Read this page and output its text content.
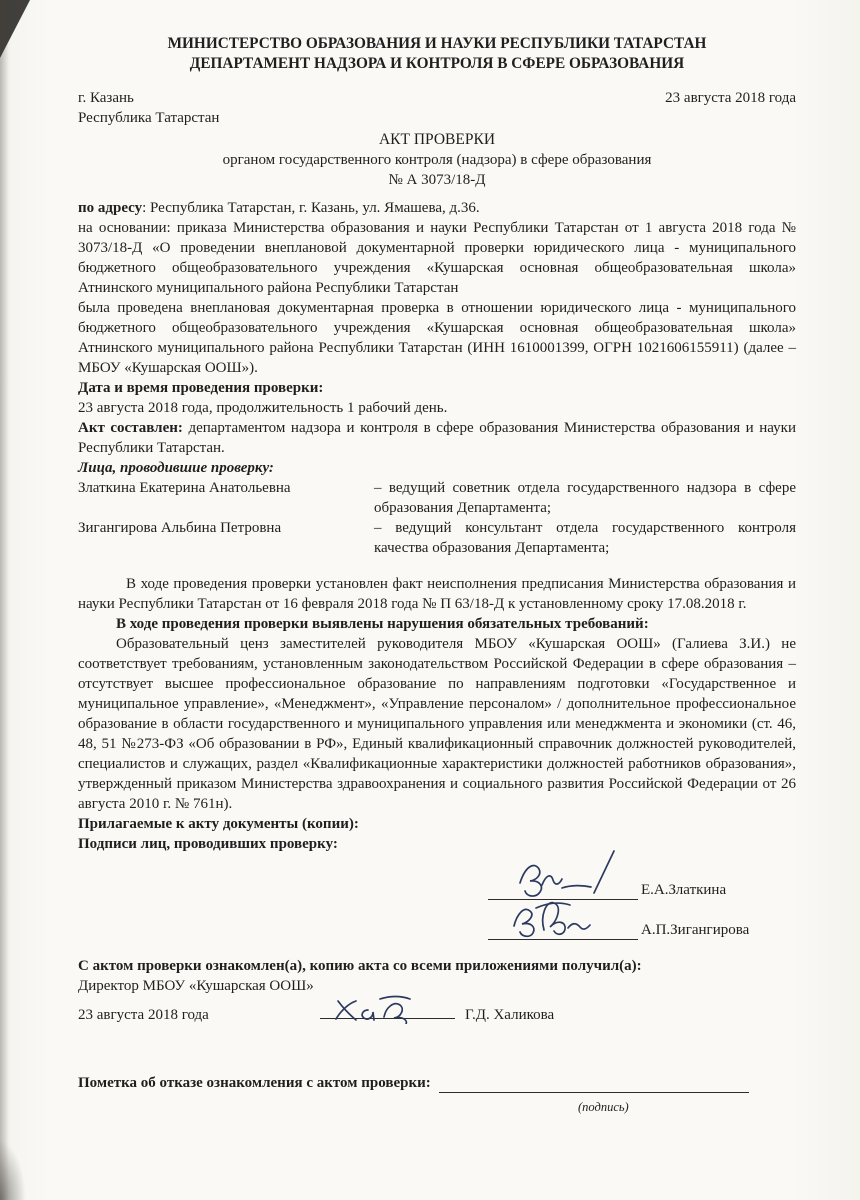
МИНИСТЕРСТВО ОБРАЗОВАНИЯ И НАУКИ РЕСПУБЛИКИ ТАТАРСТАН
ДЕПАРТАМЕНТ НАДЗОРА И КОНТРОЛЯ В СФЕРЕ ОБРАЗОВАНИЯ
г. Казань	23 августа 2018 года
Республика Татарстан
АКТ ПРОВЕРКИ
органом государственного контроля (надзора) в сфере образования
№ А 3073/18-Д

по адресу: Республика Татарстан, г. Казань, ул. Ямашева, д.36.

на основании: приказа Министерства образования и науки Республики Татарстан от 1 августа 2018 года № 3073/18-Д «О проведении внеплановой документарной проверки юридического лица - муниципального бюджетного общеобразовательного учреждения «Кушарская основная общеобразовательная школа» Атнинского муниципального района Республики Татарстан

была проведена внеплановая документарная проверка в отношении юридического лица - муниципального бюджетного общеобразовательного учреждения «Кушарская основная общеобразовательная школа» Атнинского муниципального района Республики Татарстан (ИНН 1610001399, ОГРН 1021606155911) (далее – МБОУ «Кушарская ООШ»).

Дата и время проведения проверки:

23 августа 2018 года, продолжительность 1 рабочий день.

Акт составлен: департаментом надзора и контроля в сфере образования Министерства образования и науки Республики Татарстан.

Лица, проводившие проверку:

Златкина Екатерина Анатольевна	– ведущий советник отдела государственного надзора в сфере образования Департамента;
Зигангирова Альбина Петровна	– ведущий консультант отдела государственного контроля качества образования Департамента;

В ходе проведения проверки установлен факт неисполнения предписания Министерства образования и науки Республики Татарстан от 16 февраля 2018 года № П 63/18-Д к установленному сроку 17.08.2018 г.

В ходе проведения проверки выявлены нарушения обязательных требований:

Образовательный ценз заместителей руководителя МБОУ «Кушарская ООШ» (Галиева З.И.) не соответствует требованиям, установленным законодательством Российской Федерации в сфере образования – отсутствует высшее профессиональное образование по направлениям подготовки «Государственное и муниципальное управление», «Менеджмент», «Управление персоналом» / дополнительное профессиональное образование в области государственного и муниципального управления или менеджмента и экономики (ст. 46, 48, 51 №273-ФЗ «Об образовании в РФ», Единый квалификационный справочник должностей руководителей, специалистов и служащих, раздел «Квалификационные характеристики должностей работников образования», утвержденный приказом Министерства здравоохранения и социального развития Российской Федерации от 26 августа 2010 г. № 761н).

Прилагаемые к акту документы (копии):

Подписи лиц, проводивших проверку:

Е.А.Златкина
А.П.Зигангирова

С актом проверки ознакомлен(а), копию акта со всеми приложениями получил(а):

Директор МБОУ «Кушарская ООШ»

23 августа 2018 года	Г.Д. Халикова
Пометка об отказе ознакомления с актом проверки:
(подпись)
